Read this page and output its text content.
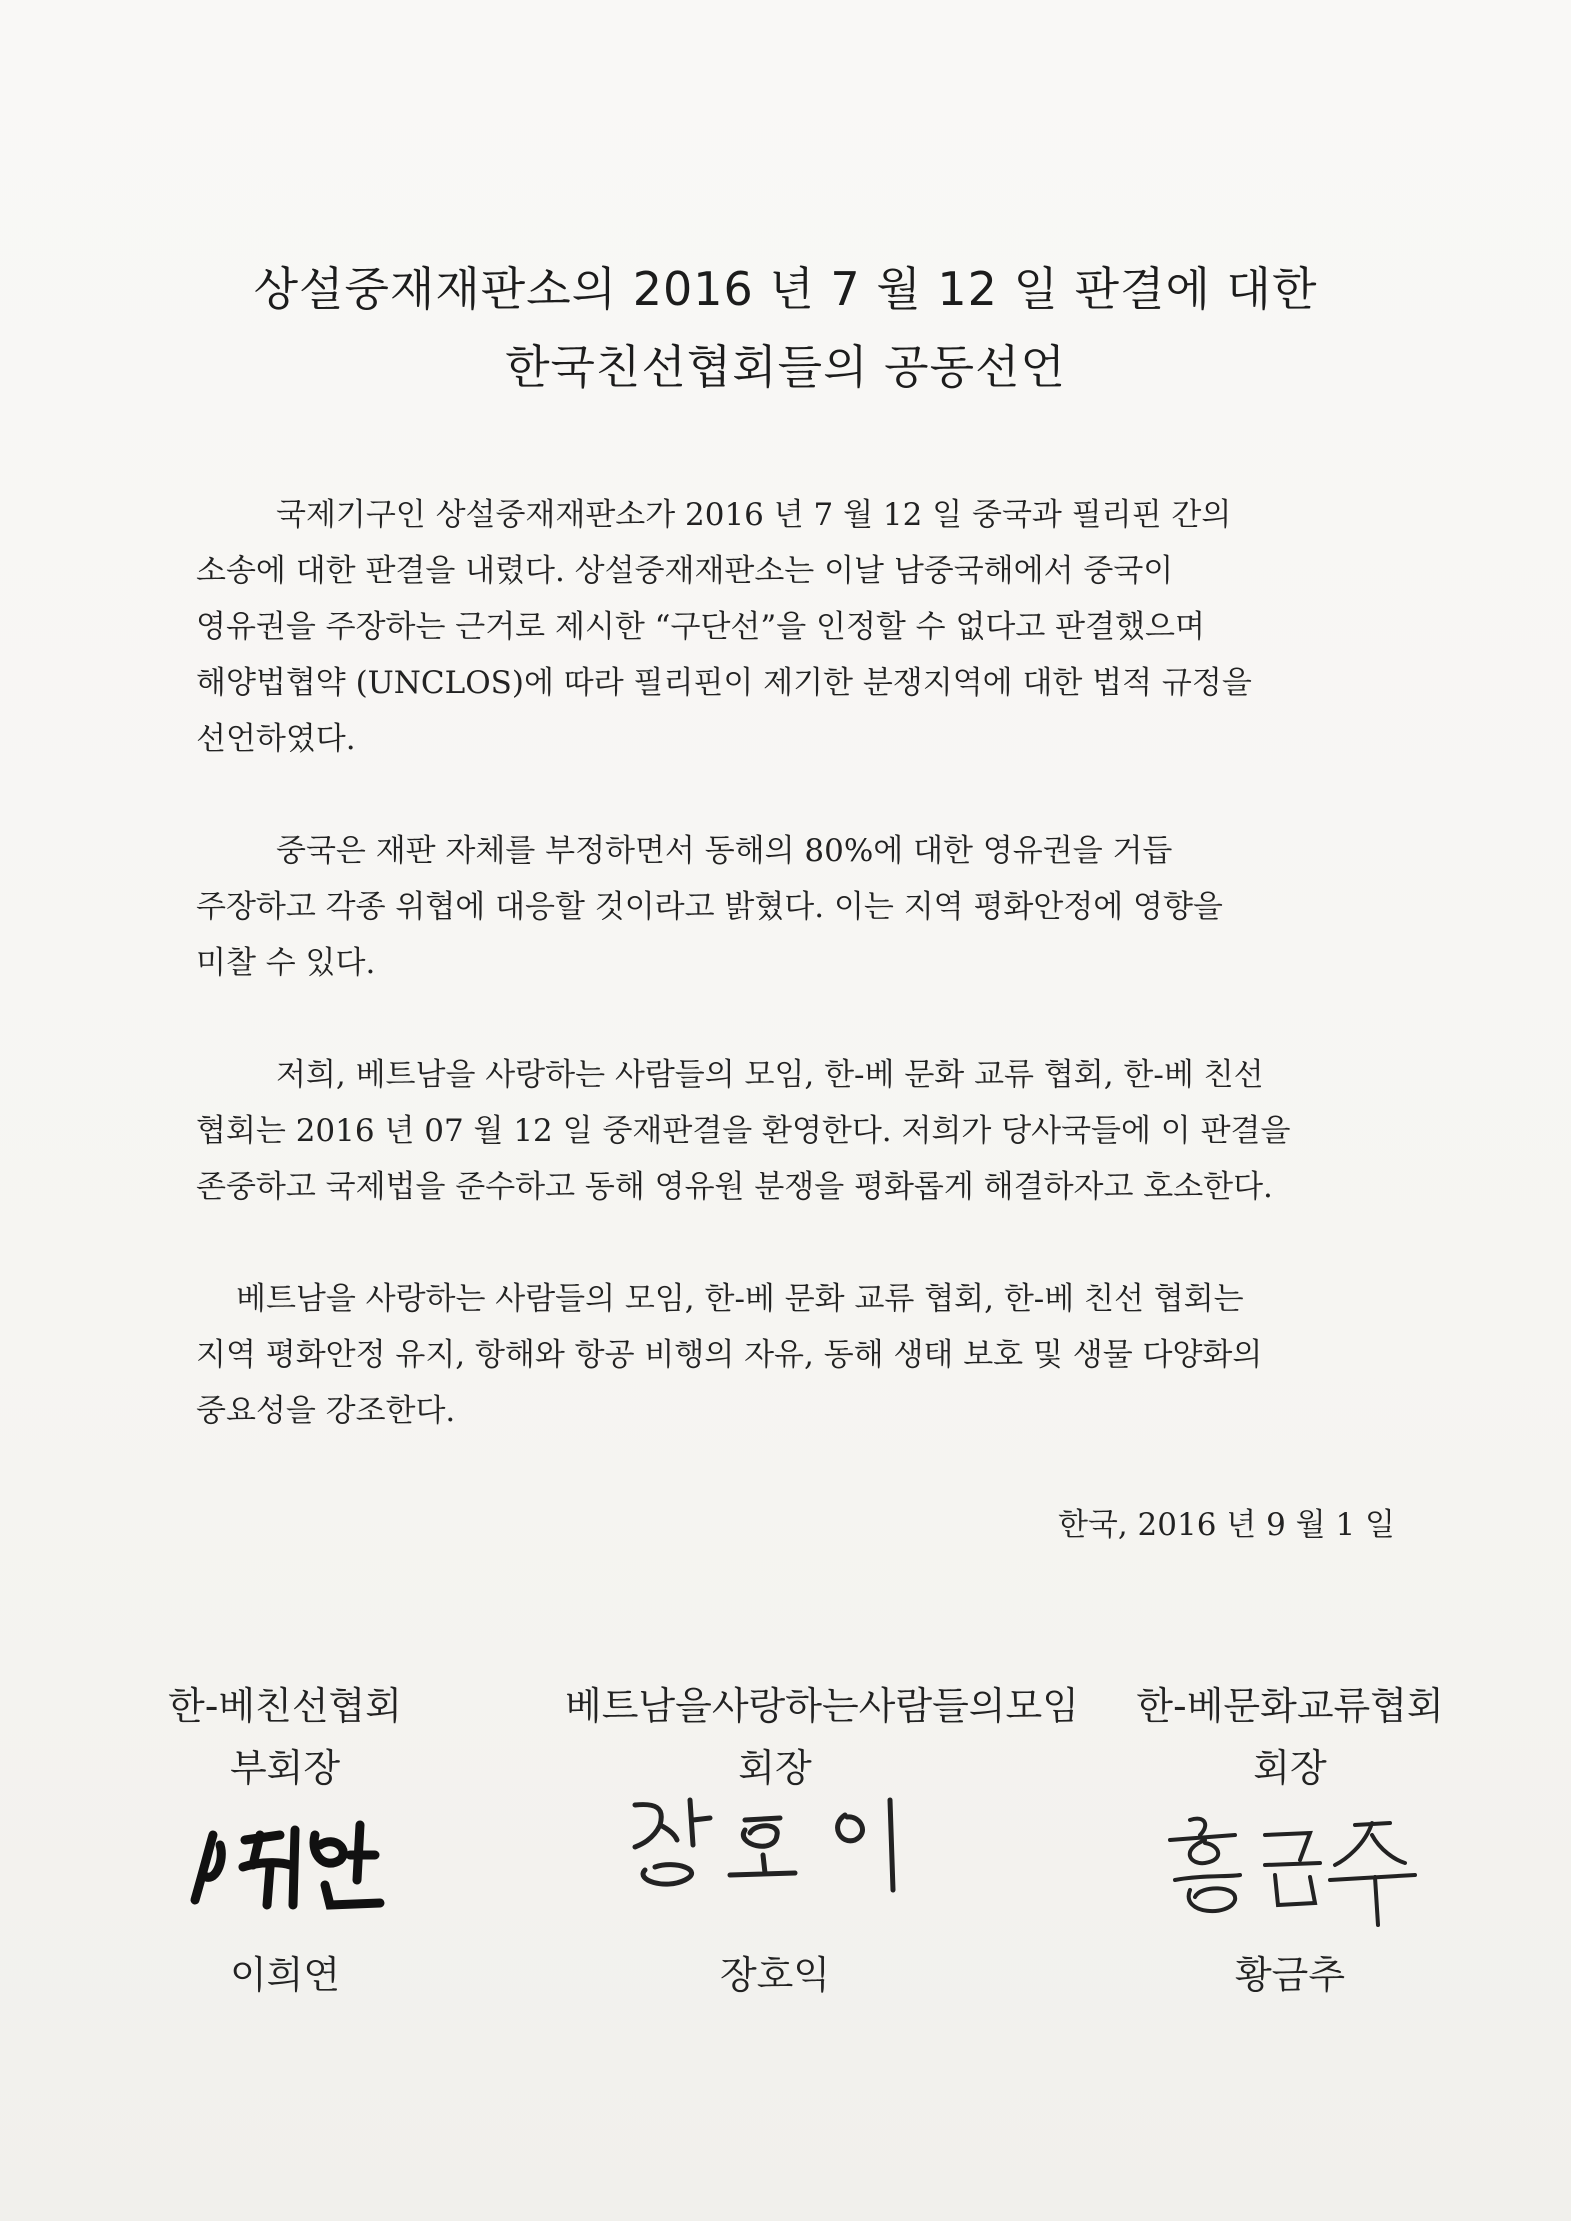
상설중재재판소의 2016 년 7 월 12 일 판결에 대한
한국친선협회들의 공동선언

국제기구인 상설중재재판소가 2016 년 7 월 12 일 중국과 필리핀 간의
소송에 대한 판결을 내렸다. 상설중재재판소는 이날 남중국해에서 중국이
영유권을 주장하는 근거로 제시한 “구단선”을 인정할 수 없다고 판결했으며
해양법협약 (UNCLOS)에 따라 필리핀이 제기한 분쟁지역에 대한 법적 규정을
선언하였다.

중국은 재판 자체를 부정하면서 동해의 80%에 대한 영유권을 거듭
주장하고 각종 위협에 대응할 것이라고 밝혔다. 이는 지역 평화안정에 영향을
미찰 수 있다.

저희, 베트남을 사랑하는 사람들의 모임, 한-베 문화 교류 협회, 한-베 친선
협회는 2016 년 07 월 12 일 중재판결을 환영한다. 저희가 당사국들에 이 판결을
존중하고 국제법을 준수하고 동해 영유원 분쟁을 평화롭게 해결하자고 호소한다.

베트남을 사랑하는 사람들의 모임, 한-베 문화 교류 협회, 한-베 친선 협회는
지역 평화안정 유지, 항해와 항공 비행의 자유, 동해 생태 보호 및 생물 다양화의
중요성을 강조한다.

한국, 2016 년 9 월 1 일
한-베친선협회
부회장
이희연
베트남을사랑하는사람들의모임
회장
장호익
한-베문화교류협회
회장
황금추
